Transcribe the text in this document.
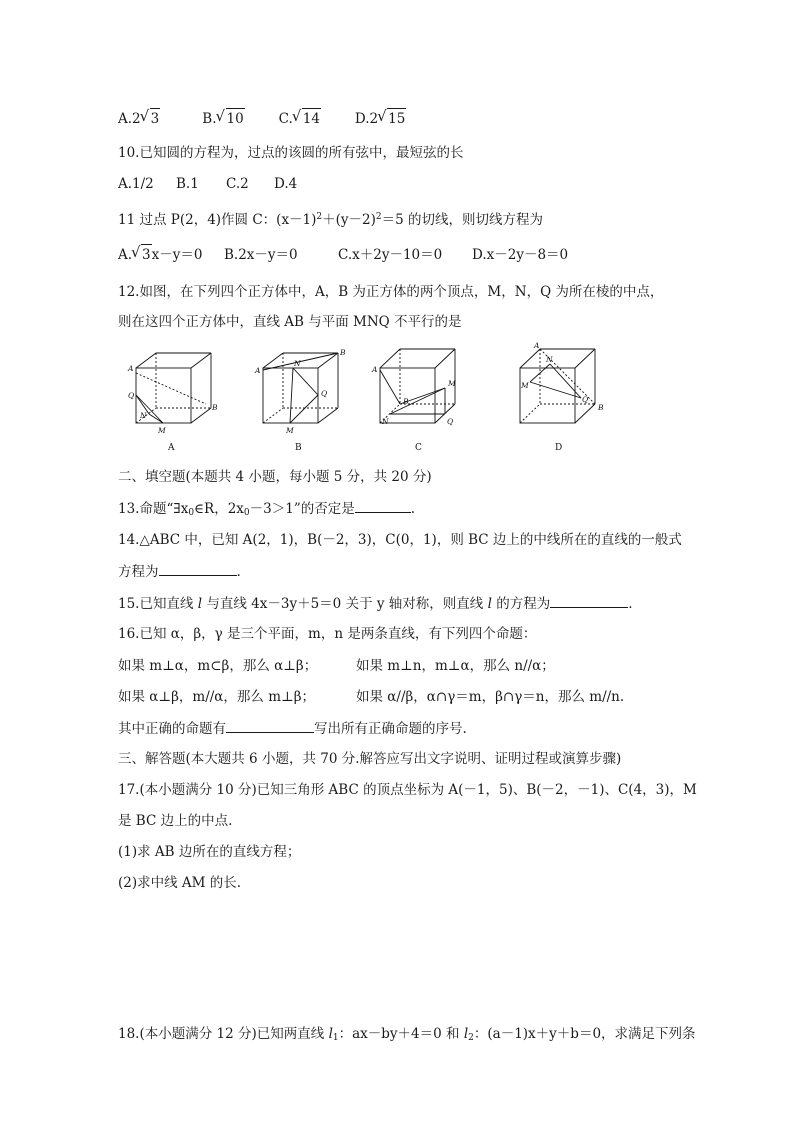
A.2 √ 3	B. √ 10	C. √ 14	D.2 √ 15
10.已知圆的方程为，过点的该圆的所有弦中，最短弦的长
A.1/2 B.1 C.2 D.4
11 过点 P(2，4)作圆 C：$(x-1)^2+(y-2)^2=5$ 的切线，则切线方程为
A. √ 3x－y＝0 B.2x－y＝0	C.x＋2y－10＝0 D.x－2y－8＝0
12.如图，在下列四个正方体中，A，B 为正方体的两个顶点，M，N，Q 为所在棱的中点，
则在这四个正方体中，直线 AB 与平面 MNQ 不平行的是
A
B
Q
N
M
A
B
N
Q
M
A
B
M
N	Q
A
B
N
M
Q
A	B	C	D
二、填空题(本题共 4 小题，每小题 5 分，共 20 分)
13.命题“$\exists x_0\in R$，$2x_0-3>1$”的否定是	.
14.△ABC 中，已知 A(2，1)，B(－2，3)，C(0，1)，则 BC 边上的中线所在的直线的一般式
方程为	.
15.已知直线 l 与直线 4x－3y＋5＝0 关于 y 轴对称，则直线 l 的方程为	.
16.已知 α，β，γ 是三个平面，m，n 是两条直线，有下列四个命题：
如果 m⊥α，m⊂β，那么 α⊥β；	如果 m⊥n，m⊥α，那么 n//α；
如果 α⊥β，m//α，那么 m⊥β；	如果 α//β，α∩γ＝m，β∩γ＝n，那么 m//n.
其中正确的命题有	写出所有正确命题的序号.
三、解答题(本大题共 6 小题，共 70 分.解答应写出文字说明、证明过程或演算步骤)
17.(本小题满分 10 分)已知三角形 ABC 的顶点坐标为 A(－1，5)、B(－2，－1)、C(4，3)，M
是 BC 边上的中点.
(1)求 AB 边所在的直线方程；
(2)求中线 AM 的长.
18.(本小题满分 12 分)已知两直线 $l_1$：ax－by＋4＝0 和 $l_2$：(a－1)x＋y＋b＝0，求满足下列条
